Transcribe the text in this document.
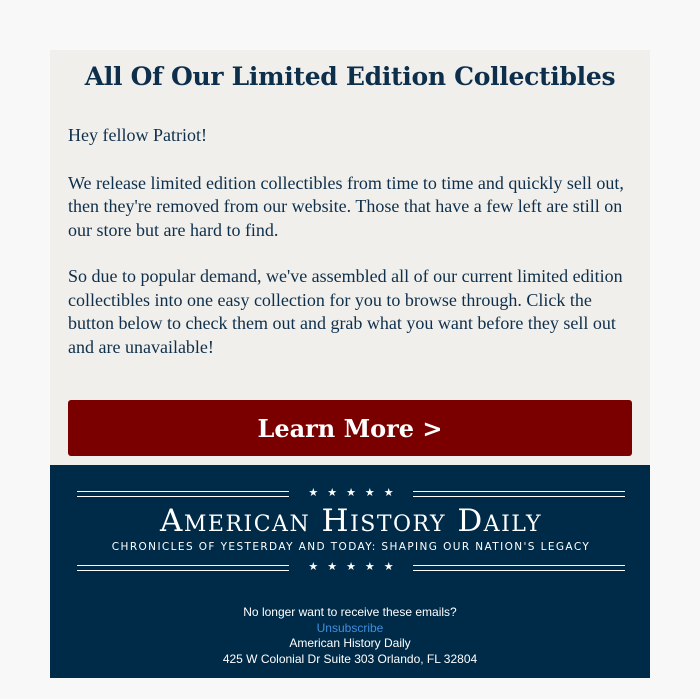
All Of Our Limited Edition Collectibles

Hey fellow Patriot!

We release limited edition collectibles from time to time and quickly sell out, then they're removed from our website. Those that have a few left are still on our store but are hard to find.

So due to popular demand, we've assembled all of our current limited edition collectibles into one easy collection for you to browse through. Click the button below to check them out and grab what you want before they sell out and are unavailable!

Learn More >
★★★★★
American History Daily
CHRONICLES OF YESTERDAY AND TODAY: SHAPING OUR NATION'S LEGACY
★★★★★
No longer want to receive these emails?
Unsubscribe
American History Daily
425 W Colonial Dr Suite 303 Orlando, FL 32804
